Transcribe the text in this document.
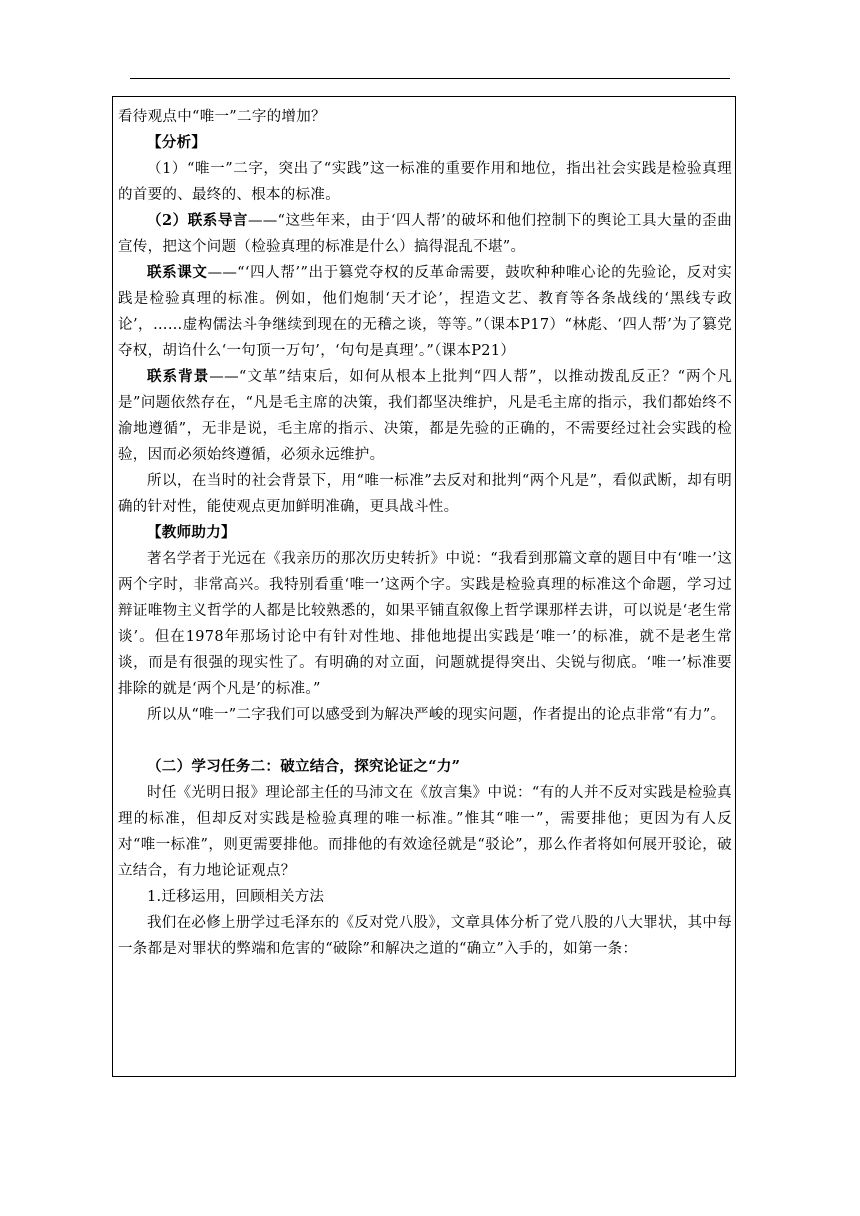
看待观点中“唯一”二字的增加？

【分析】

（1）“唯一”二字，突出了“实践”这一标准的重要作用和地位，指出社会实践是检验真理的首要的、最终的、根本的标准。

（2）联系导言——“这些年来，由于‘四人帮’的破坏和他们控制下的舆论工具大量的歪曲宣传，把这个问题（检验真理的标准是什么）搞得混乱不堪”。

联系课文——“‘四人帮’”出于篡党夺权的反革命需要，鼓吹种种唯心论的先验论，反对实践是检验真理的标准。例如，他们炮制‘天才论’，捏造文艺、教育等各条战线的‘黑线专政论’，……虚构儒法斗争继续到现在的无稽之谈，等等。”（课本P17）“林彪、‘四人帮’为了篡党夺权，胡诌什么‘一句顶一万句’，‘句句是真理’。”（课本P21）

联系背景——“文革”结束后，如何从根本上批判“四人帮”，以推动拨乱反正？“两个凡是”问题依然存在，“凡是毛主席的决策，我们都坚决维护，凡是毛主席的指示，我们都始终不渝地遵循”，无非是说，毛主席的指示、决策，都是先验的正确的，不需要经过社会实践的检验，因而必须始终遵循，必须永远维护。

所以，在当时的社会背景下，用“唯一标准”去反对和批判“两个凡是”，看似武断，却有明确的针对性，能使观点更加鲜明准确，更具战斗性。

【教师助力】

著名学者于光远在《我亲历的那次历史转折》中说：“我看到那篇文章的题目中有‘唯一’这两个字时，非常高兴。我特别看重‘唯一’这两个字。实践是检验真理的标准这个命题，学习过辩证唯物主义哲学的人都是比较熟悉的，如果平铺直叙像上哲学课那样去讲，可以说是‘老生常谈’。但在1978年那场讨论中有针对性地、排他地提出实践是‘唯一’的标准，就不是老生常谈，而是有很强的现实性了。有明确的对立面，问题就提得突出、尖锐与彻底。‘唯一’标准要排除的就是‘两个凡是’的标准。”

所以从“唯一”二字我们可以感受到为解决严峻的现实问题，作者提出的论点非常“有力”。

（二）学习任务二：破立结合，探究论证之“力”

时任《光明日报》理论部主任的马沛文在《放言集》中说：“有的人并不反对实践是检验真理的标准，但却反对实践是检验真理的唯一标准。”惟其“唯一”，需要排他；更因为有人反对“唯一标准”，则更需要排他。而排他的有效途径就是“驳论”，那么作者将如何展开驳论，破立结合，有力地论证观点？

1.迁移运用，回顾相关方法

我们在必修上册学过毛泽东的《反对党八股》，文章具体分析了党八股的八大罪状，其中每一条都是对罪状的弊端和危害的“破除”和解决之道的“确立”入手的，如第一条：
